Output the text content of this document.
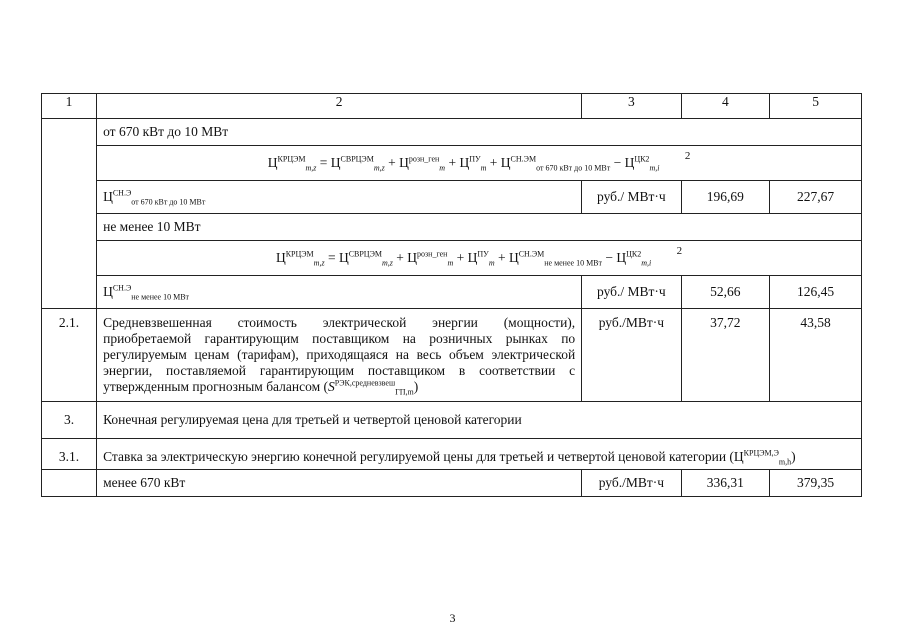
1	2	3	4	5
	от 670 кВт до 10 МВт			
	$Ц^{КРЦЭМ}_{m,z} = Ц^{СВРЦЭМ}_{m,z} + Ц^{розн\_ген}_m + Ц^{ПУ}_m + Ц^{СН.ЭМ}_{от 670 кВт до 10 МВт} - Ц^{ЦК2}_{m,i}$ $^2$
	$Ц^{СН.Э}_{от 670 кВт до 10 МВт}$	руб./ МВт·ч	196,69	227,67
	не менее 10 МВт			
	$Ц^{КРЦЭМ}_{m,z} = Ц^{СВРЦЭМ}_{m,z} + Ц^{розн\_ген}_m + Ц^{ПУ}_m + Ц^{СН.ЭМ}_{не менее 10 МВт} - Ц^{ЦК2}_{m,i}$ $^2$
	$Ц^{СН.Э}_{не менее 10 МВт}$	руб./ МВт·ч	52,66	126,45
2.1.	Средневзвешенная стоимость электрической энергии (мощности), приобретаемой гарантирующим поставщиком на розничных рынках по регулируемым ценам (тарифам), приходящаяся на весь объем электрической энергии, поставляемой гарантирующим поставщиком в соответствии с утвержденным прогнозным балансом $(S^{РЭК,средневзвеш}_{ГП,m})$	руб./МВт·ч	37,72	43,58
3.	Конечная регулируемая цена для третьей и четвертой ценовой категории			
3.1.	Ставка за электрическую энергию конечной регулируемой цены для третьей и четвертой ценовой категории $(Ц^{КРЦЭМ,Э}_{m,h})$			
	менее 670 кВт	руб./МВт·ч	336,31	379,35
3
